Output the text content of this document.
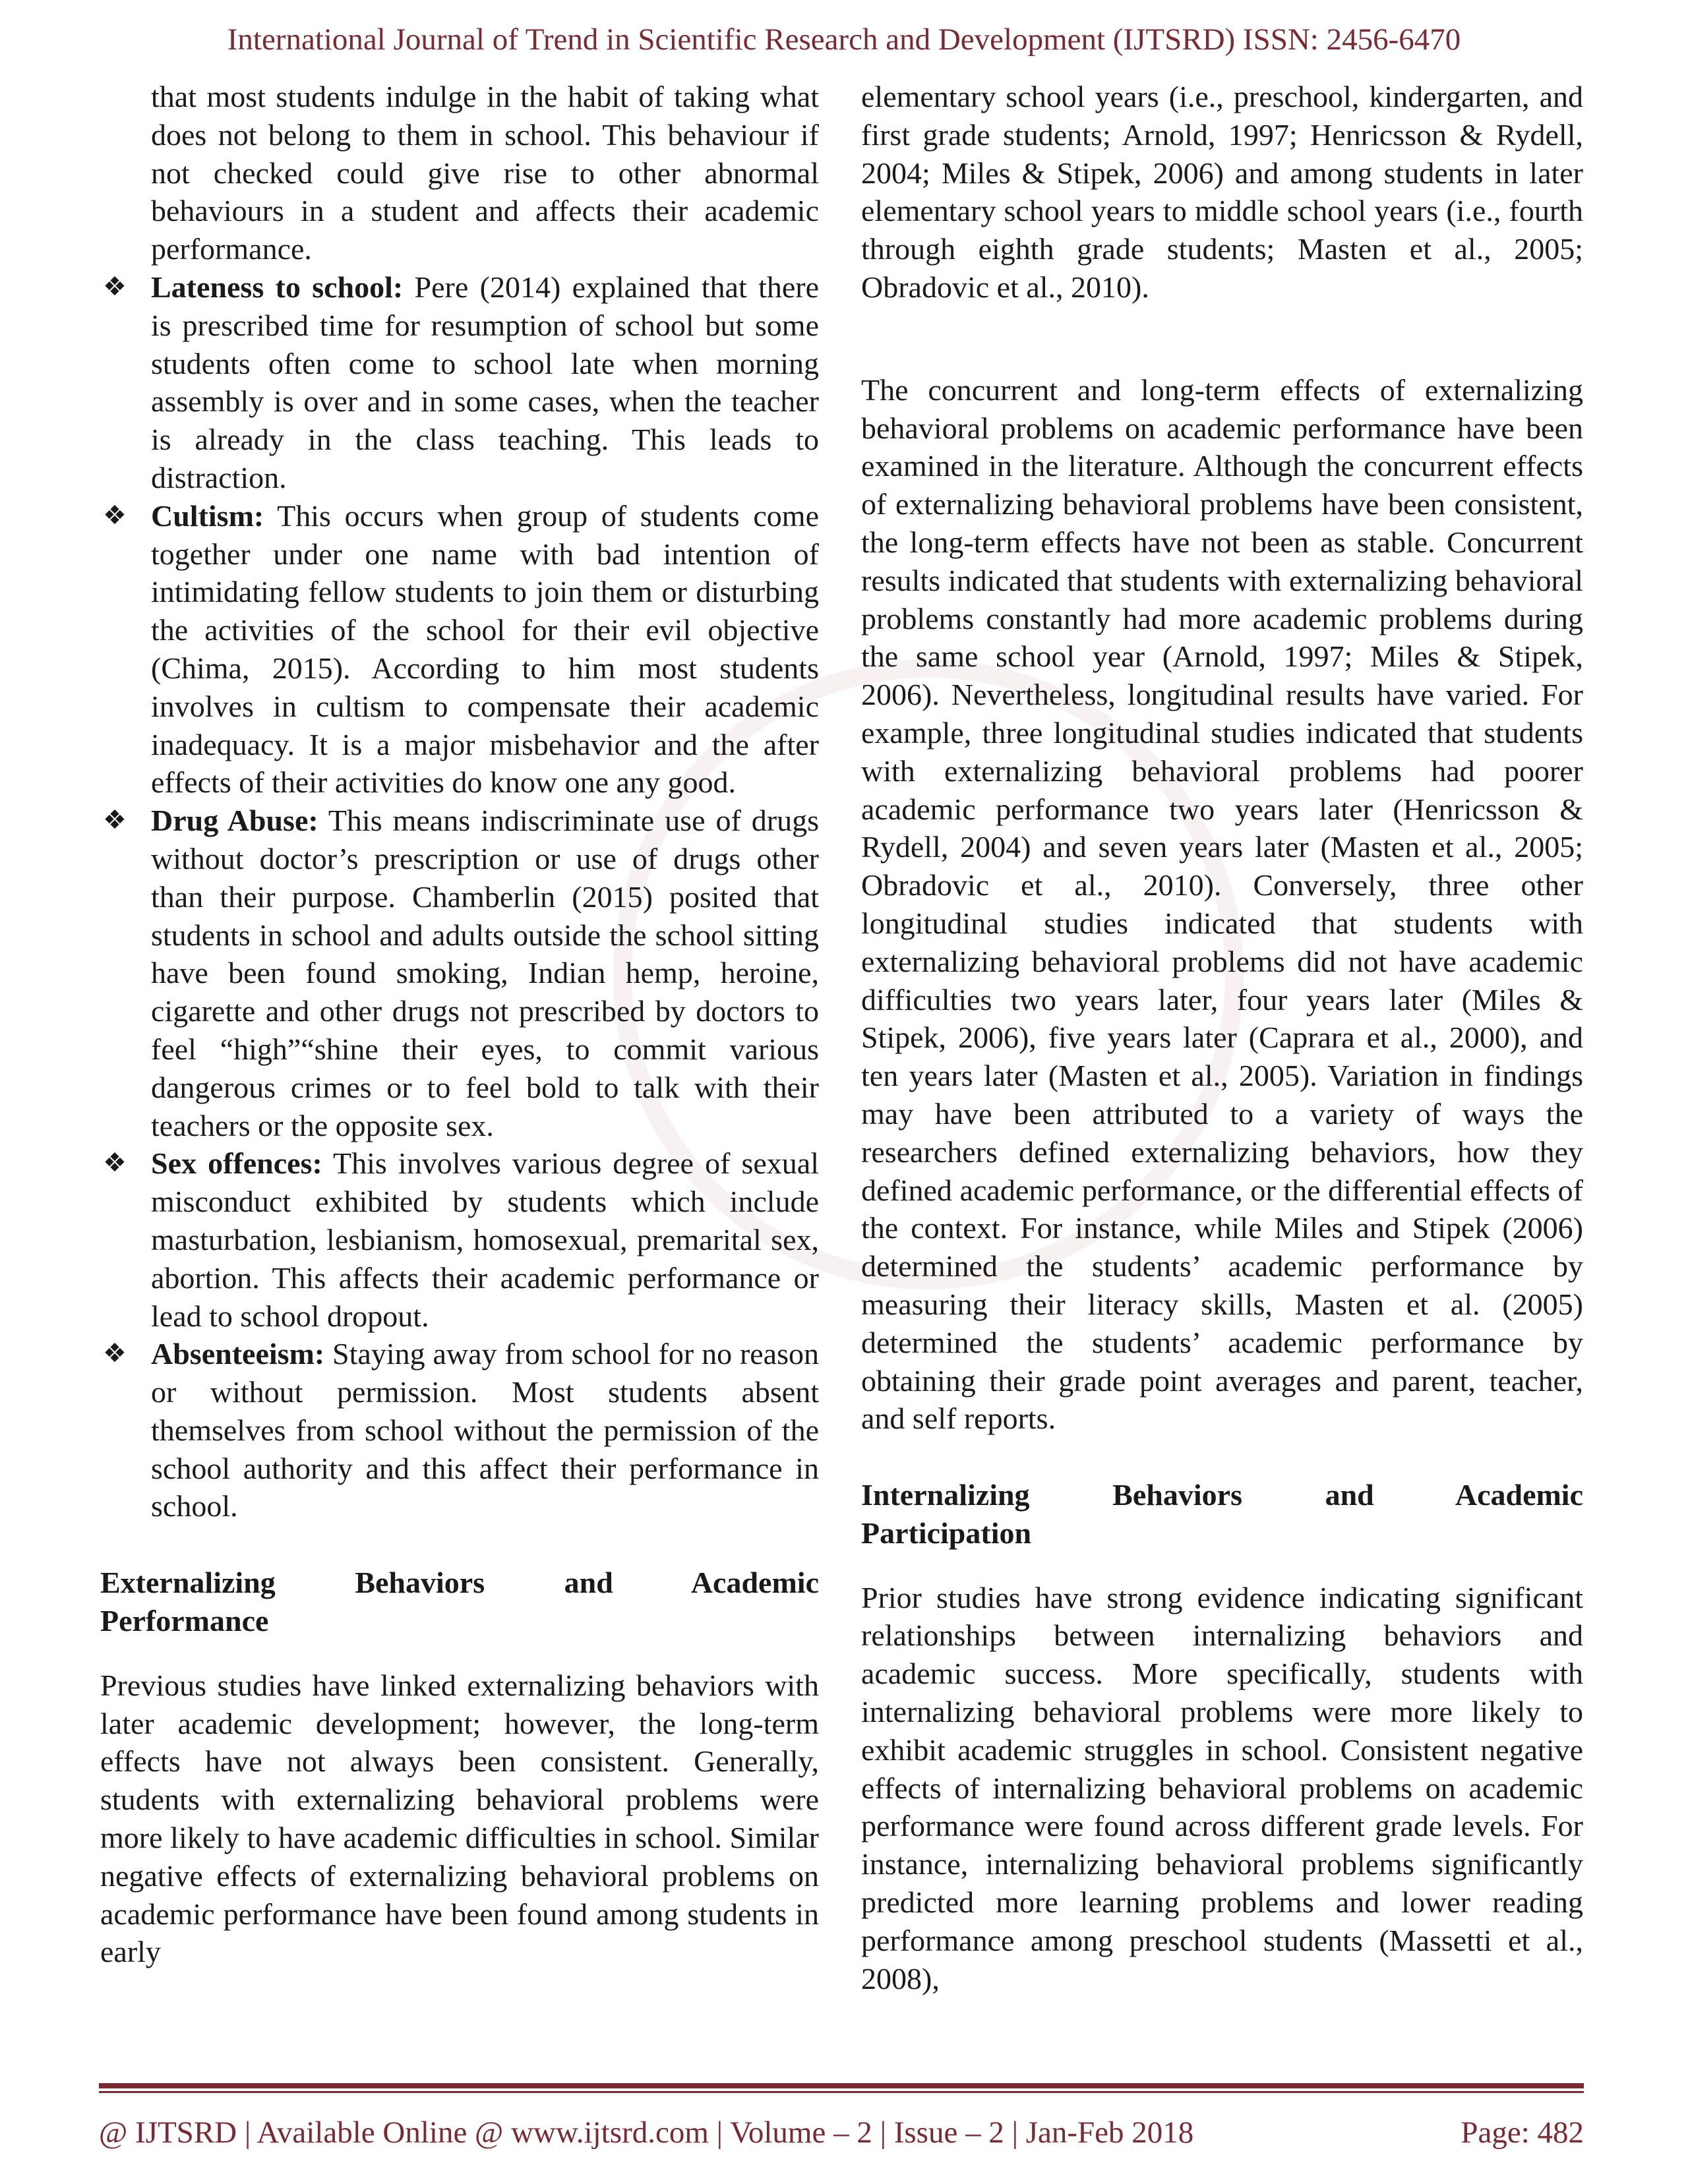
International Journal of Trend in Scientific Research and Development (IJTSRD) ISSN: 2456-6470

that most students indulge in the habit of taking what does not belong to them in school. This behaviour if not checked could give rise to other abnormal behaviours in a student and affects their academic performance.

❖ Lateness to school: Pere (2014) explained that there is prescribed time for resumption of school but some students often come to school late when morning assembly is over and in some cases, when the teacher is already in the class teaching. This leads to distraction.
❖ Cultism: This occurs when group of students come together under one name with bad intention of intimidating fellow students to join them or disturbing the activities of the school for their evil objective (Chima, 2015). According to him most students involves in cultism to compensate their academic inadequacy. It is a major misbehavior and the after effects of their activities do know one any good.
❖ Drug Abuse: This means indiscriminate use of drugs without doctor’s prescription or use of drugs other than their purpose. Chamberlin (2015) posited that students in school and adults outside the school sitting have been found smoking, Indian hemp, heroine, cigarette and other drugs not prescribed by doctors to feel “high”“shine their eyes, to commit various dangerous crimes or to feel bold to talk with their teachers or the opposite sex.
❖ Sex offences: This involves various degree of sexual misconduct exhibited by students which include masturbation, lesbianism, homosexual, premarital sex, abortion. This affects their academic performance or lead to school dropout.
❖ Absenteeism: Staying away from school for no reason or without permission. Most students absent themselves from school without the permission of the school authority and this affect their performance in school.
Externalizing Behaviors and Academic
Performance

Previous studies have linked externalizing behaviors with later academic development; however, the long-term effects have not always been consistent. Generally, students with externalizing behavioral problems were more likely to have academic difficulties in school. Similar negative effects of externalizing behavioral problems on academic performance have been found among students in early

elementary school years (i.e., preschool, kindergarten, and first grade students; Arnold, 1997; Henricsson & Rydell, 2004; Miles & Stipek, 2006) and among students in later elementary school years to middle school years (i.e., fourth through eighth grade students; Masten et al., 2005; Obradovic et al., 2010).

The concurrent and long-term effects of externalizing behavioral problems on academic performance have been examined in the literature. Although the concurrent effects of externalizing behavioral problems have been consistent, the long-term effects have not been as stable. Concurrent results indicated that students with externalizing behavioral problems constantly had more academic problems during the same school year (Arnold, 1997; Miles & Stipek, 2006). Nevertheless, longitudinal results have varied. For example, three longitudinal studies indicated that students with externalizing behavioral problems had poorer academic performance two years later (Henricsson & Rydell, 2004) and seven years later (Masten et al., 2005; Obradovic et al., 2010). Conversely, three other longitudinal studies indicated that students with externalizing behavioral problems did not have academic difficulties two years later, four years later (Miles & Stipek, 2006), five years later (Caprara et al., 2000), and ten years later (Masten et al., 2005). Variation in findings may have been attributed to a variety of ways the researchers defined externalizing behaviors, how they defined academic performance, or the differential effects of the context. For instance, while Miles and Stipek (2006) determined the students’ academic performance by measuring their literacy skills, Masten et al. (2005) determined the students’ academic performance by obtaining their grade point averages and parent, teacher, and self reports.

Internalizing Behaviors and Academic
Participation

Prior studies have strong evidence indicating significant relationships between internalizing behaviors and academic success. More specifically, students with internalizing behavioral problems were more likely to exhibit academic struggles in school. Consistent negative effects of internalizing behavioral problems on academic performance were found across different grade levels. For instance, internalizing behavioral problems significantly predicted more learning problems and lower reading performance among preschool students (Massetti et al., 2008),

@ IJTSRD | Available Online @ www.ijtsrd.com | Volume – 2 | Issue – 2 | Jan-Feb 2018	Page: 482
